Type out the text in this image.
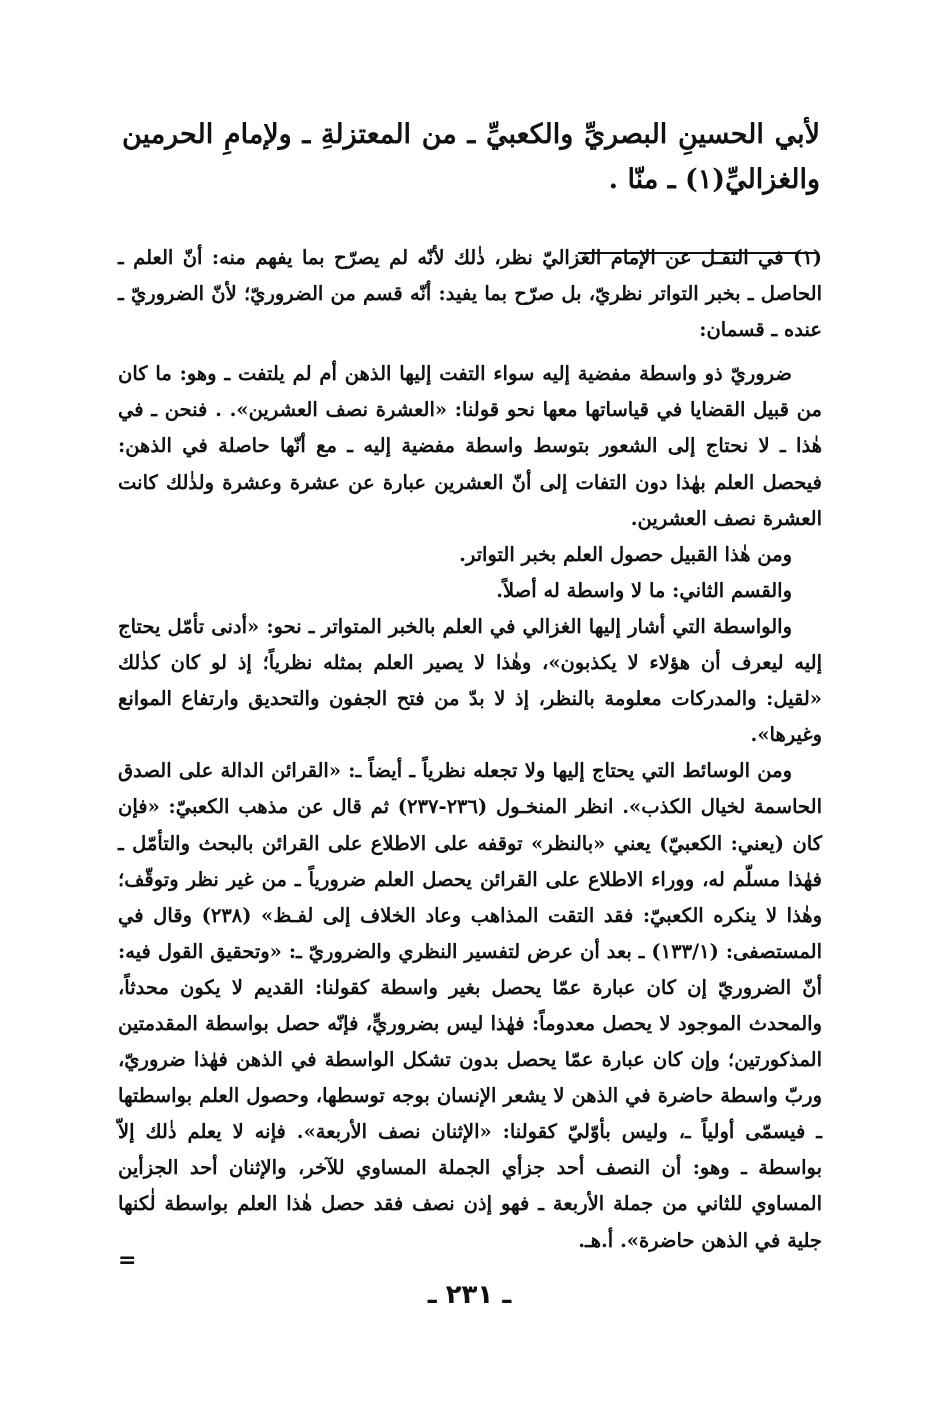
لأبي الحسينِ البصريِّ والكعبيِّ ـ من المعتزلةِ ـ ولإمامِ الحرمين والغزاليِّ(١) ـ منّا .

(١) في النقـل عن الإمام الغزاليّ نظر، ذٰلك لأنّه لم يصرّح بما يفهم منه: أنّ العلم ـ الحاصل ـ بخبر التواتر نظريّ، بل صرّح بما يفيد: أنّه قسم من الضروريّ؛ لأنّ الضروريّ ـ عنده ـ قسمان:

ضروريّ ذو واسطة مفضية إليه سواء التفت إليها الذهن أم لم يلتفت ـ وهو: ما كان من قبيل القضايا في قياساتها معها نحو قولنا: «العشرة نصف العشرين». . فنحن ـ في هٰذا ـ لا نحتاج إلى الشعور بتوسط واسطة مفضية إليه ـ مع أنّها حاصلة في الذهن: فيحصل العلم بهٰذا دون التفات إلى أنّ العشرين عبارة عن عشرة وعشرة ولذٰلك كانت العشرة نصف العشرين.

ومن هٰذا القبيل حصول العلم بخبر التواتر.

والقسم الثاني: ما لا واسطة له أصلاً.

والواسطة التي أشار إليها الغزالي في العلم بالخبر المتواتر ـ نحو: «أدنى تأمّل يحتاج إليه ليعرف أن هؤلاء لا يكذبون»، وهٰذا لا يصير العلم بمثله نظرياً؛ إذ لو كان كذٰلك «لقيل: والمدركات معلومة بالنظر، إذ لا بدّ من فتح الجفون والتحديق وارتفاع الموانع وغيرها».

ومن الوسائط التي يحتاج إليها ولا تجعله نظرياً ـ أيضاً ـ: «القرائن الدالة على الصدق الحاسمة لخيال الكذب». انظر المنخـول (٢٣٦-٢٣٧) ثم قال عن مذهب الكعبيّ: «فإن كان (يعني: الكعبيّ) يعني «بالنظر» توقفه على الاطلاع على القرائن بالبحث والتأمّل ـ فهٰذا مسلّم له، ووراء الاطلاع على القرائن يحصل العلم ضرورياً ـ من غير نظر وتوقّف؛ وهٰذا لا ينكره الكعبيّ: فقد التقت المذاهب وعاد الخلاف إلى لفـظ» (٢٣٨) وقال في المستصفى: (١٣٣/١) ـ بعد أن عرض لتفسير النظري والضروريّ ـ: «وتحقيق القول فيه: أنّ الضروريّ إن كان عبارة عمّا يحصل بغير واسطة كقولنا: القديم لا يكون محدثاً، والمحدث الموجود لا يحصل معدوماً: فهٰذا ليس بضروريٍّ، فإنّه حصل بواسطة المقدمتين المذكورتين؛ وإن كان عبارة عمّا يحصل بدون تشكل الواسطة في الذهن فهٰذا ضروريّ، وربّ واسطة حاضرة في الذهن لا يشعر الإنسان بوجه توسطها، وحصول العلم بواسطتها ـ فيسمّى أولياً ـ، وليس بأوّليّ كقولنا: «الإثنان نصف الأربعة». فإنه لا يعلم ذٰلك إلاّ بواسطة ـ وهو: أن النصف أحد جزأي الجملة المساوي للآخر، والإثنان أحد الجزأين المساوي للثاني من جملة الأربعة ـ فهو إذن نصف فقد حصل هٰذا العلم بواسطة لٰكنها جلية في الذهن حاضرة». أ.هـ.

=
ـ ٢٣١ ـ
